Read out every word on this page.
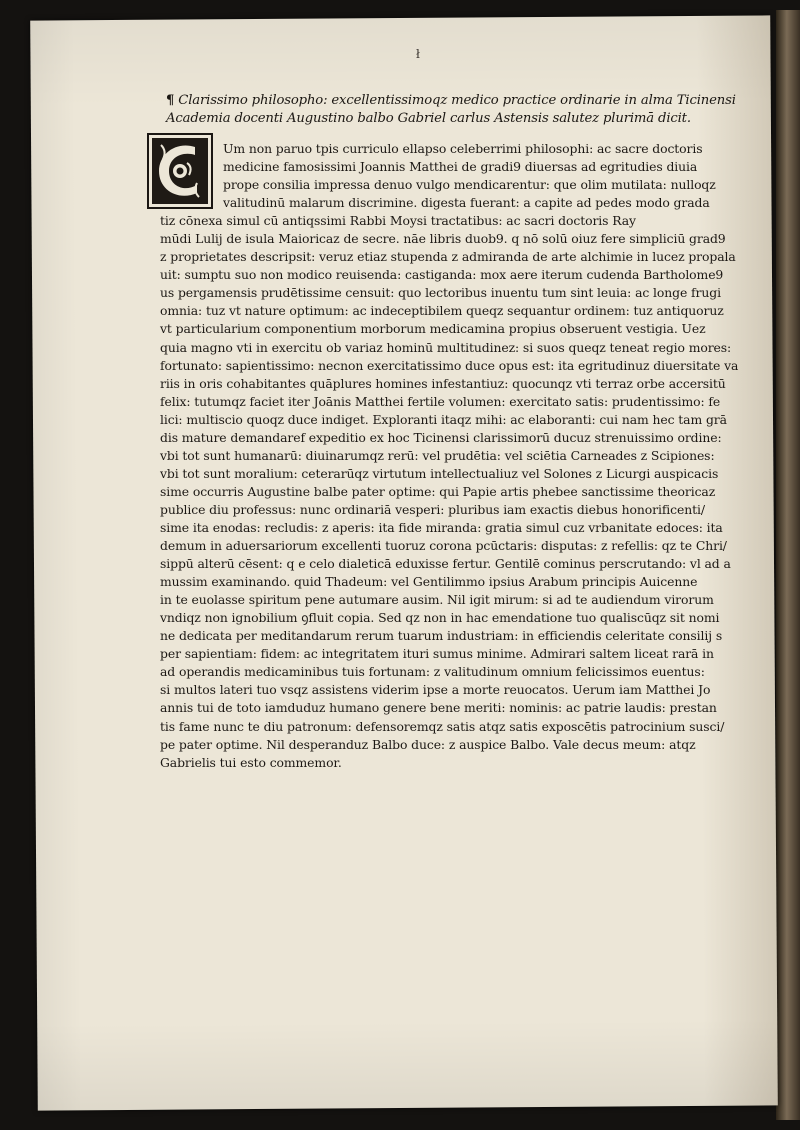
ł
¶ Clarissimo philosopho: excellentissimoqz medico practice ordinarie in alma Ticinensi
Academia docenti Augustino balbo Gabriel carlus Astensis salutez plurimā dicit.
Um non paruo tpis curriculo ellapso celeberrimi philosophi: ac sacre doctoris
medicine famosissimi Joannis Matthei de gradi9 diuersas ad egritudies diuia
prope consilia impressa denuo vulgo mendicarentur: que olim mutilata: nulloqz
valitudinū malarum discrimine. digesta fuerant: a capite ad pedes modo grada
tiz cōnexa simul cū antiqssimi Rabbi Moysi tractatibus: ac sacri doctoris Ray
mūdi Lulij de isula Maioricaz de secre. nāe libris duob9. q nō solū oiuz fere simpliciū grad9
z proprietates descripsit: veruz etiaz stupenda z admiranda de arte alchimie in lucez propala
uit: sumptu suo non modico reuisenda: castiganda: mox aere iterum cudenda Bartholome9
us pergamensis prudētissime censuit: quo lectoribus inuentu tum sint leuia: ac longe frugi
omnia: tuz vt nature optimum: ac indeceptibilem queqz sequantur ordinem: tuz antiquoruz
vt particularium componentium morborum medicamina propius obseruent vestigia. Uez
quia magno vti in exercitu ob variaz hominū multitudinez: si suos queqz teneat regio mores:
fortunato: sapientissimo: necnon exercitatissimo duce opus est: ita egritudinuz diuersitate va
riis in oris cohabitantes quāplures homines infestantiuz: quocunqz vti terraz orbe accersitū
felix: tutumqz faciet iter Joānis Matthei fertile volumen: exercitato satis: prudentissimo: fe
lici: multiscio quoqz duce indiget. Exploranti itaqz mihi: ac elaboranti: cui nam hec tam grā
dis mature demandaref expeditio ex hoc Ticinensi clarissimorū ducuz strenuissimo ordine:
vbi tot sunt humanarū: diuinarumqz rerū: vel prudētia: vel sciētia Carneades z Scipiones:
vbi tot sunt moralium: ceterarūqz virtutum intellectualiuz vel Solones z Licurgi auspicacis
sime occurris Augustine balbe pater optime: qui Papie artis phebee sanctissime theoricaz
publice diu professus: nunc ordinariā vesperi: pluribus iam exactis diebus honorificenti/
sime ita enodas: recludis: z aperis: ita fide miranda: gratia simul cuz vrbanitate edoces: ita
demum in aduersariorum excellenti tuoruz corona pcūctaris: disputas: z refellis: qz te Chri/
sippū alterū cēsent: q e celo dialeticā eduxisse fertur. Gentilē cominus perscrutando: vl ad a
mussim examinando. quid Thadeum: vel Gentilimmo ipsius Arabum principis Auicenne
in te euolasse spiritum pene autumare ausim. Nil igit mirum: si ad te audiendum virorum
vndiqz non ignobilium ꝯfluit copia. Sed qz non in hac emendatione tuo qualiscūqz sit nomi
ne dedicata per meditandarum rerum tuarum industriam: in efficiendis celeritate consilij s
per sapientiam: fidem: ac integritatem ituri sumus minime. Admirari saltem liceat rarā in
ad operandis medicaminibus tuis fortunam: z valitudinum omnium felicissimos euentus:
si multos lateri tuo vsqz assistens viderim ipse a morte reuocatos. Uerum iam Matthei Jo
annis tui de toto iamduduz humano genere bene meriti: nominis: ac patrie laudis: prestan
tis fame nunc te diu patronum: defensoremqz satis atqz satis exposcētis patrocinium susci/
pe pater optime. Nil desperanduz Balbo duce: z auspice Balbo. Vale decus meum: atqz
Gabrielis tui esto commemor.
